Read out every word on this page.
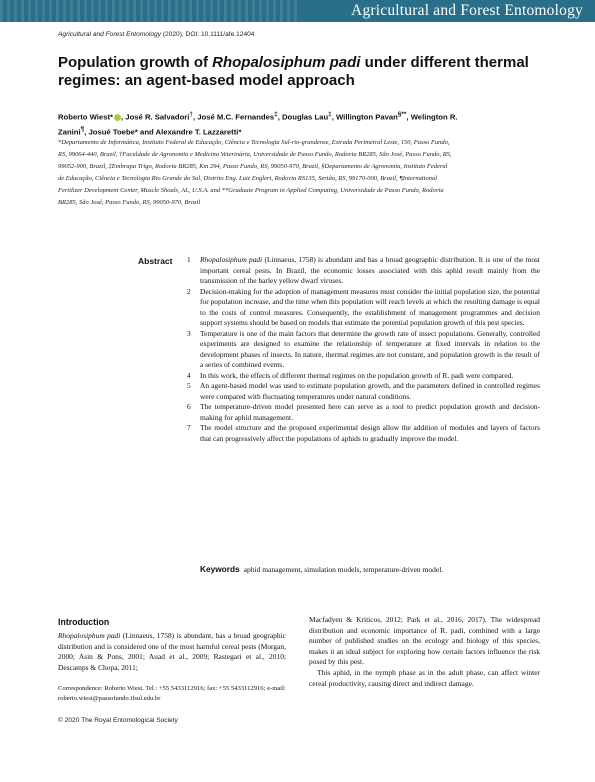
Agricultural and Forest Entomology
Agricultural and Forest Entomology (2020), DOI: 10.1111/afe.12404
Population growth of Rhopalosiphum padi under different thermal regimes: an agent-based model approach
Roberto Wiest* , José R. Salvadori†, José M.C. Fernandes‡, Douglas Lau‡, Willington Pavan§**, Welington R.
Zanini¶, Josué Toebe* and Alexandre T. Lazzaretti*
*Departamento de Informática, Instituto Federal de Educação, Ciência e Tecnologia Sul-rio-grandense, Estrada Perimetral Leste, 150, Passo Fundo,
RS, 99064-440, Brazil, †Faculdade de Agronomia e Medicina Veterinária, Universidade de Passo Fundo, Rodovia BR285, São José, Passo Fundo, RS,
99052-900, Brazil, ‡Embrapa Trigo, Rodovia BR285, Km 294, Passo Fundo, RS, 99050-970, Brazil, §Departamento de Agronomia, Instituto Federal
de Educação, Ciência e Tecnologia Rio Grande do Sul, Distrito Eng. Luiz Englert, Rodovia RS135, Sertão, RS, 99170-000, Brazil, ¶International
Fertilizer Development Center, Muscle Shoals, AL, U.S.A. and **Graduate Program in Applied Computing, Universidade de Passo Fundo, Rodovia
BR285, São José, Passo Fundo, RS, 99050-970, Brazil
Abstract 1 Rhopalosiphum padi (Linnaeus, 1758) is abundant and has a broad geographic distribution. It is one of the most important cereal pests. In Brazil, the economic losses associated with this aphid result mainly from the transmission of the barley yellow dwarf viruses.

2 Decision-making for the adoption of management measures must consider the initial population size, the potential for population increase, and the time when this population will reach levels at which the resulting damage is equal to the costs of control measures. Consequently, the establishment of management programmes and decision support systems should be based on models that estimate the potential population growth of this pest species.

3 Temperature is one of the main factors that determine the growth rate of insect populations. Generally, controlled experiments are designed to examine the relationship of temperature at fixed intervals in relation to the development phases of insects. In nature, thermal regimes are not constant, and population growth is the result of a series of combined events.

4 In this work, the effects of different thermal regimes on the population growth of R. padi were compared.

5 An agent-based model was used to estimate population growth, and the parameters defined in controlled regimes were compared with fluctuating temperatures under natural conditions.

6 The temperature-driven model presented here can serve as a tool to predict population growth and decision-making for aphid management.

7 The model structure and the proposed experimental design allow the addition of modules and layers of factors that can progressively affect the populations of aphids to gradually improve the model.

Keywords aphid management, simulation models, temperature-driven model.
Introduction
Rhopalosiphum padi (Linnaeus, 1758) is abundant, has a broad geographic distribution and is considered one of the most harmful cereal pests (Morgan, 2000; Asin & Pons, 2001; Auad et al., 2009; Rastegari et al., 2010; Descamps & Chopa, 2011;
Correspondence: Roberto Wiest. Tel.: +55 5433112916; fax: +55 5433112916; e-mail: roberto.wiest@passofundo.ifsul.edu.br

Macfadyen & Kriticos, 2012; Park et al., 2016, 2017). The widespread distribution and economic importance of R. padi, combined with a large number of published studies on the ecology and biology of this species, makes it an ideal subject for exploring how certain factors influence the risk posed by this pest.

This aphid, in the nymph phase as in the adult phase, can affect winter cereal productivity, causing direct and indirect damage.

© 2020 The Royal Entomological Society
